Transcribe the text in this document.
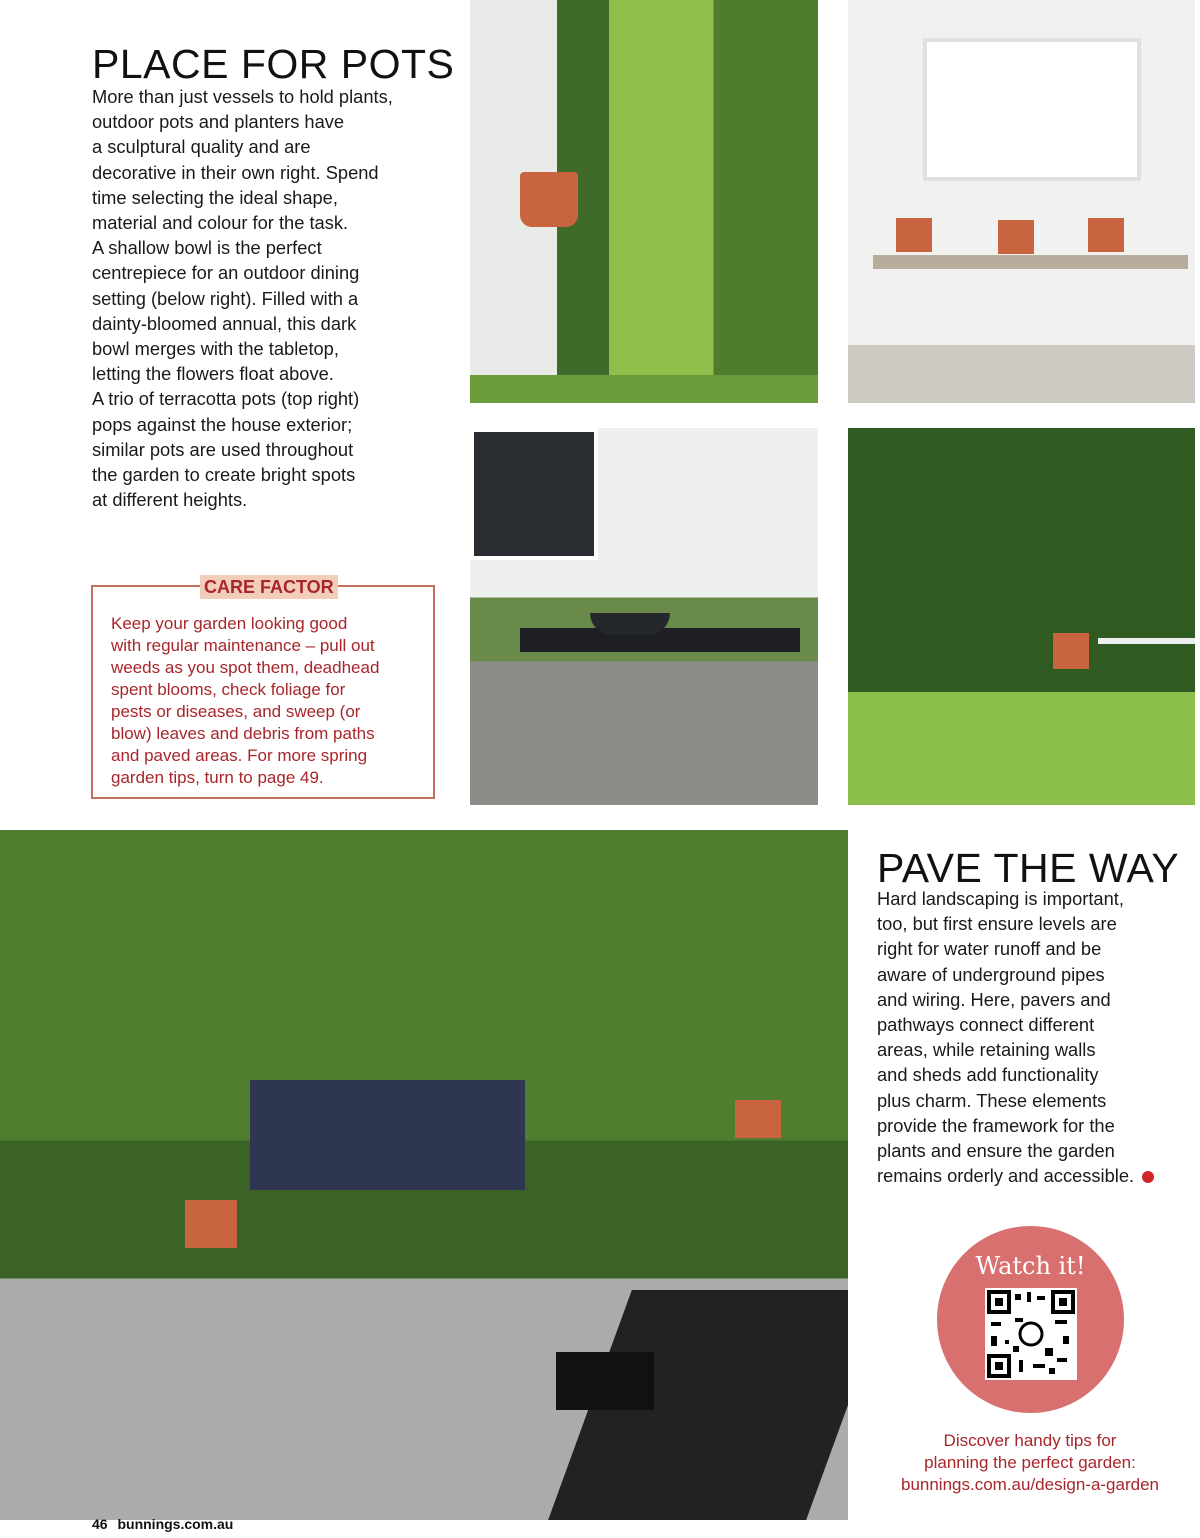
PLACE FOR POTS
More than just vessels to hold plants,
outdoor pots and planters have
a sculptural quality and are
decorative in their own right. Spend
time selecting the ideal shape,
material and colour for the task.
A shallow bowl is the perfect
centrepiece for an outdoor dining
setting (below right). Filled with a
dainty-bloomed annual, this dark
bowl merges with the tabletop,
letting the flowers float above.
A trio of terracotta pots (top right)
pops against the house exterior;
similar pots are used throughout
the garden to create bright spots
at different heights.
CARE FACTOR
Keep your garden looking good
with regular maintenance – pull out
weeds as you spot them, deadhead
spent blooms, check foliage for
pests or diseases, and sweep (or
blow) leaves and debris from paths
and paved areas. For more spring
garden tips, turn to page 49.
PAVE THE WAY
Hard landscaping is important,
too, but first ensure levels are
right for water runoff and be
aware of underground pipes
and wiring. Here, pavers and
pathways connect different
areas, while retaining walls
and sheds add functionality
plus charm. These elements
provide the framework for the
plants and ensure the garden
remains orderly and accessible.
Watch it!
Discover handy tips for
planning the perfect garden:
bunnings.com.au/design-a-garden
46 bunnings.com.au
